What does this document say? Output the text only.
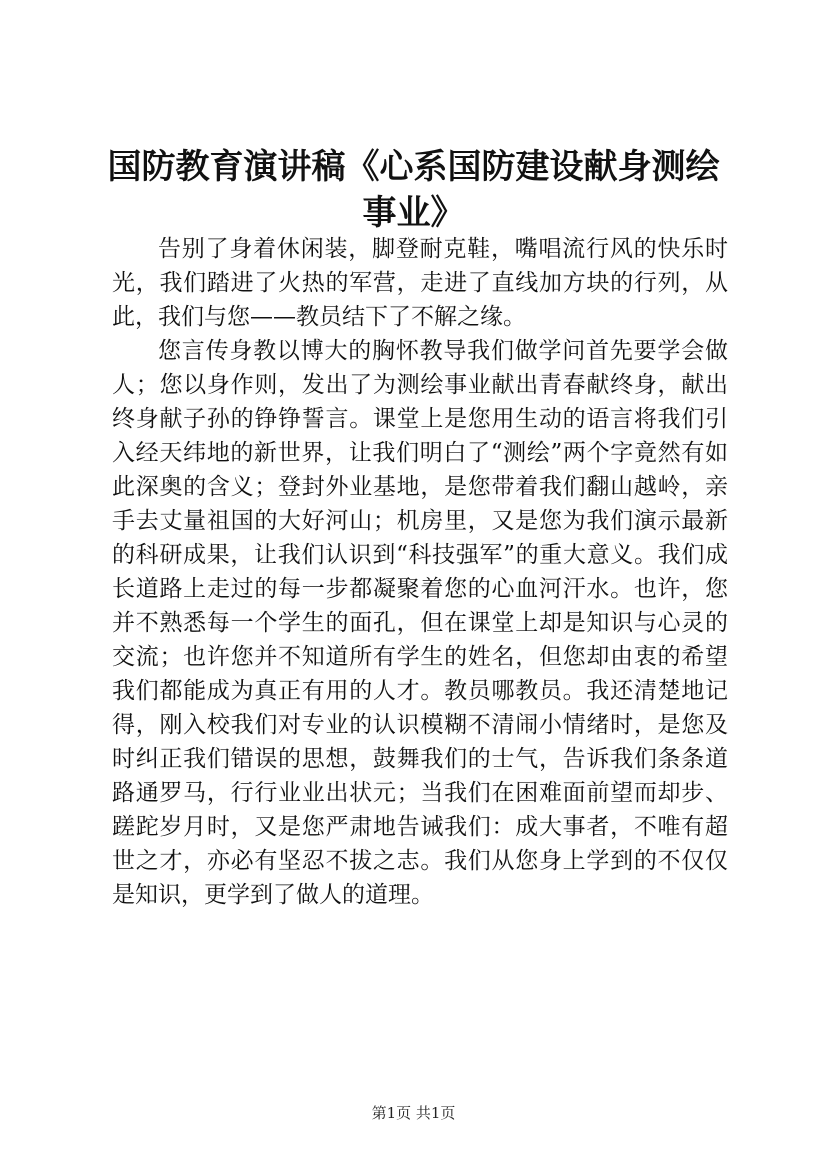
国防教育演讲稿《心系国防建设献身测绘事业》

告别了身着休闲装，脚登耐克鞋，嘴唱流行风的快乐时光，我们踏进了火热的军营，走进了直线加方块的行列，从此，我们与您——教员结下了不解之缘。

您言传身教以博大的胸怀教导我们做学问首先要学会做人；您以身作则，发出了为测绘事业献出青春献终身，献出终身献子孙的铮铮誓言。课堂上是您用生动的语言将我们引入经天纬地的新世界，让我们明白了“测绘”两个字竟然有如此深奥的含义；登封外业基地，是您带着我们翻山越岭，亲手去丈量祖国的大好河山；机房里，又是您为我们演示最新的科研成果，让我们认识到“科技强军”的重大意义。我们成长道路上走过的每一步都凝聚着您的心血河汗水。也许，您并不熟悉每一个学生的面孔，但在课堂上却是知识与心灵的交流；也许您并不知道所有学生的姓名，但您却由衷的希望我们都能成为真正有用的人才。教员哪教员。我还清楚地记得，刚入校我们对专业的认识模糊不清闹小情绪时，是您及时纠正我们错误的思想，鼓舞我们的士气，告诉我们条条道路通罗马，行行业业出状元；当我们在困难面前望而却步、蹉跎岁月时，又是您严肃地告诫我们：成大事者，不唯有超世之才，亦必有坚忍不拔之志。我们从您身上学到的不仅仅是知识，更学到了做人的道理。

第1页 共1页
